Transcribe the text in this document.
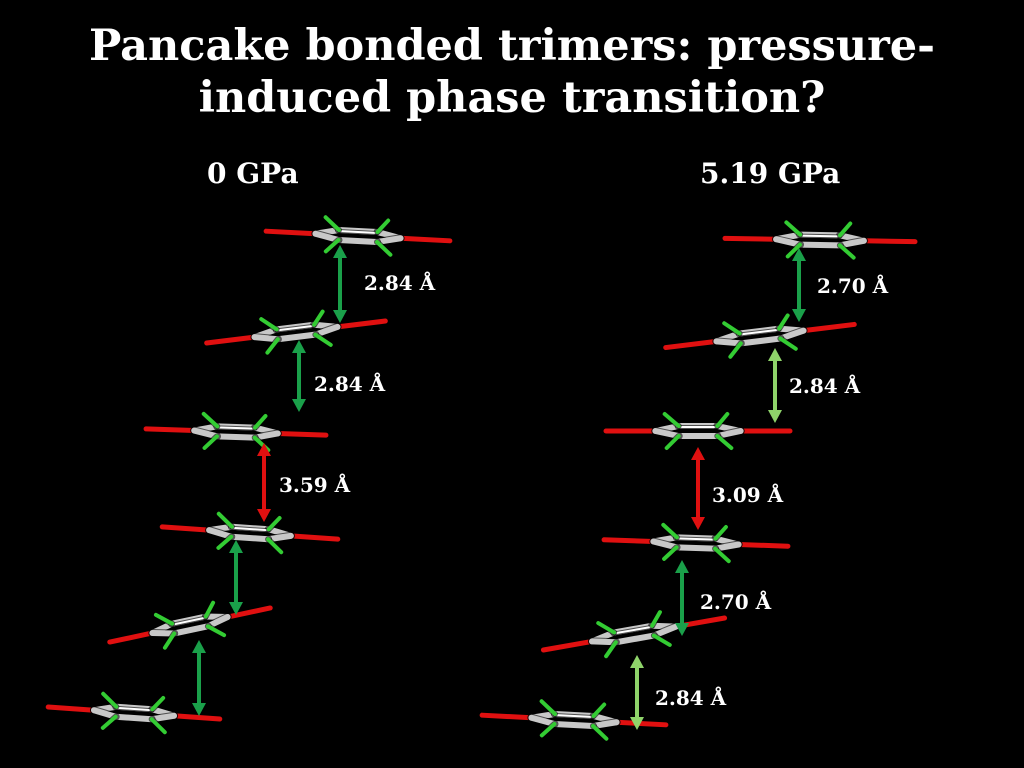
Pancake bonded trimers: pressure-
induced phase transition?
0 GPa	5.19 GPa
2.84 Å
2.84 Å
3.59 Å
2.70 Å
2.84 Å
3.09 Å
2.70 Å
2.84 Å
